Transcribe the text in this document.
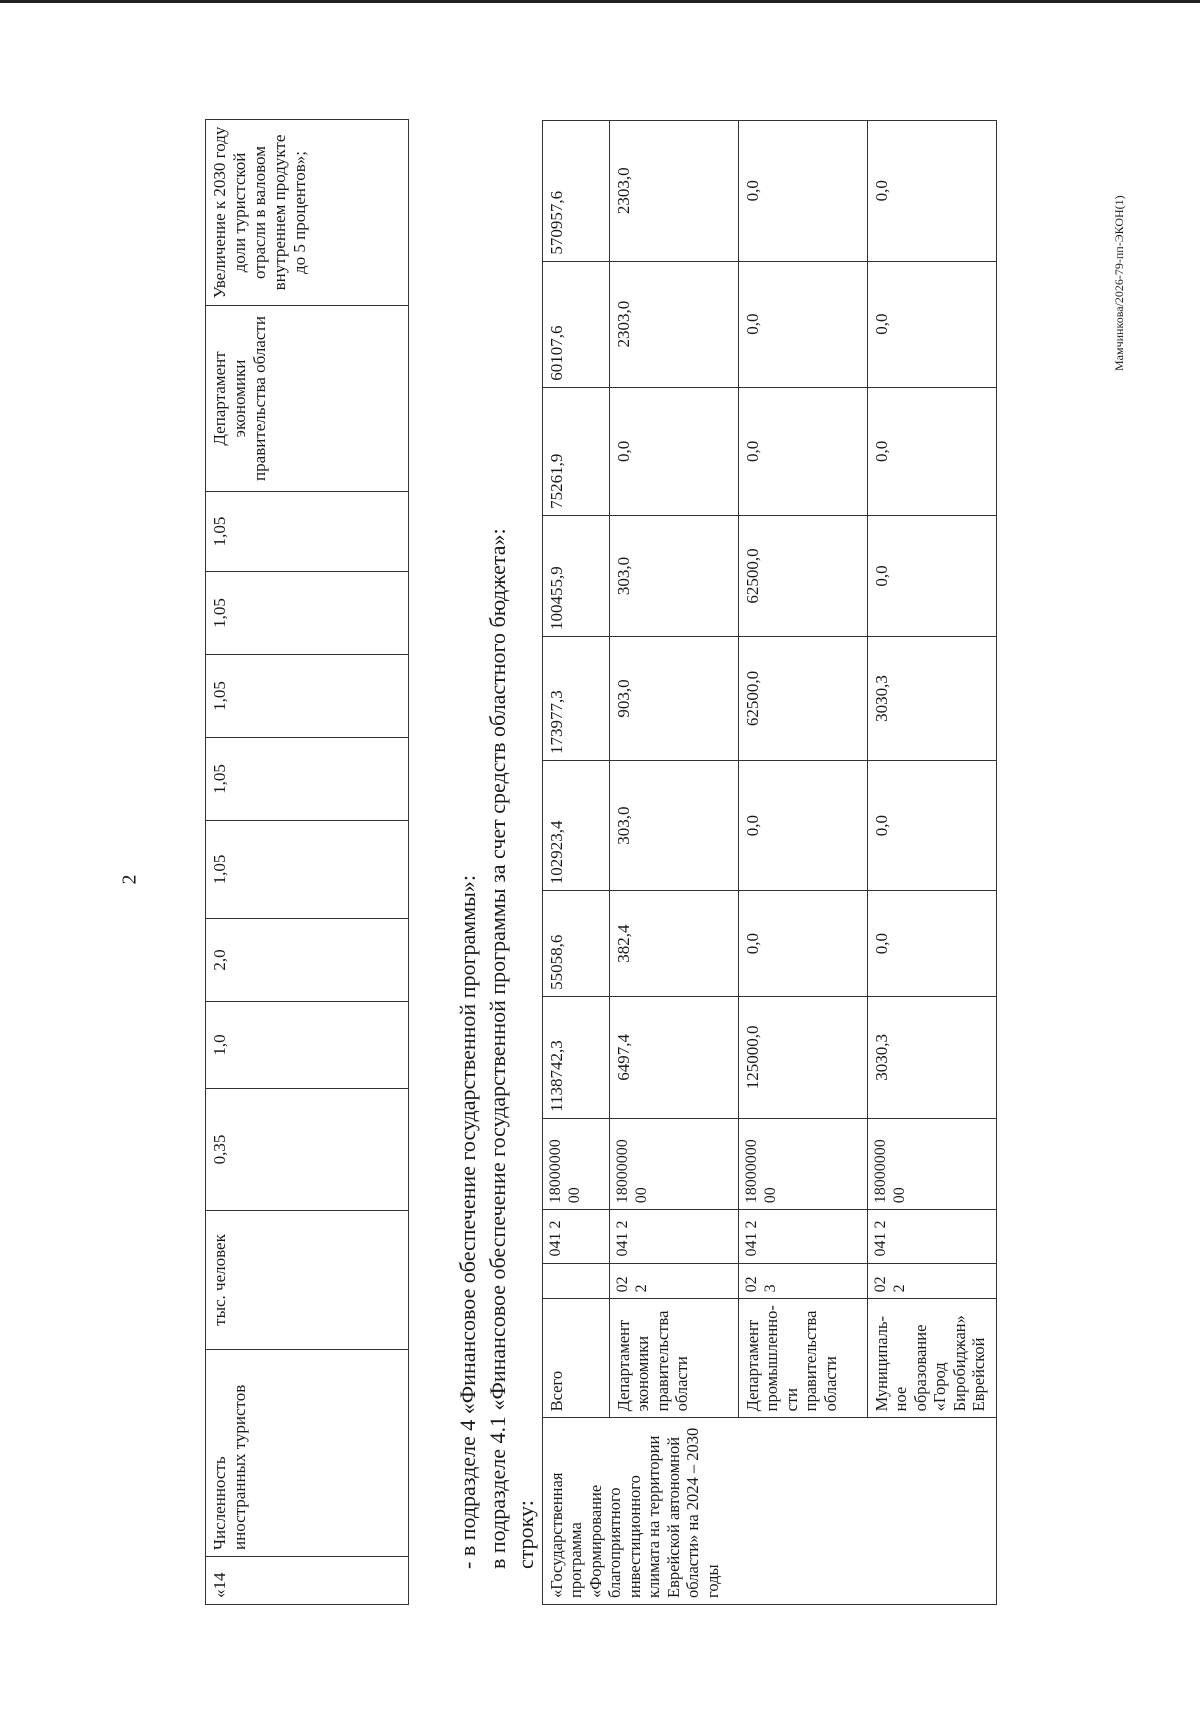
2
Мамчинкова/2026-79-пп-ЭКОН(1)
«14	Численность иностранных туристов	тыс. человек	0,35	1,0	2,0	1,05	1,05	1,05	1,05	1,05	Департамент экономики правительства области	Увеличение к 2030 году доли туристской отрасли в валовом внутреннем продукте до 5 процентов»;
- в подразделе 4 «Финансовое обеспечение государственной программы»: в подразделе 4.1 «Финансовое обеспечение государственной программы за счет средств областного бюджета»: строку: «Государственная программа «Формирование благоприятного инвестиционного климата на территории Еврейской автономной области» на 2024 – 2030 годы	Всего		041 2	18000000 00	1138742,3	55058,6	102923,4	173977,3	100455,9	75261,9	60107,6	570957,6
	Департамент экономики правительства области	02 2	041 2	18000000 00	6497,4	382,4	303,0	903,0	303,0	0,0	2303,0	2303,0
	Департамент промышленно-сти правительства области	02 3	041 2	18000000 00	125000,0	0,0	0,0	62500,0	62500,0	0,0	0,0	0,0
	Муниципаль-ное образование «Город Биробиджан» Еврейской	02 2	041 2	18000000 00	3030,3	0,0	0,0	3030,3	0,0	0,0	0,0	0,0
